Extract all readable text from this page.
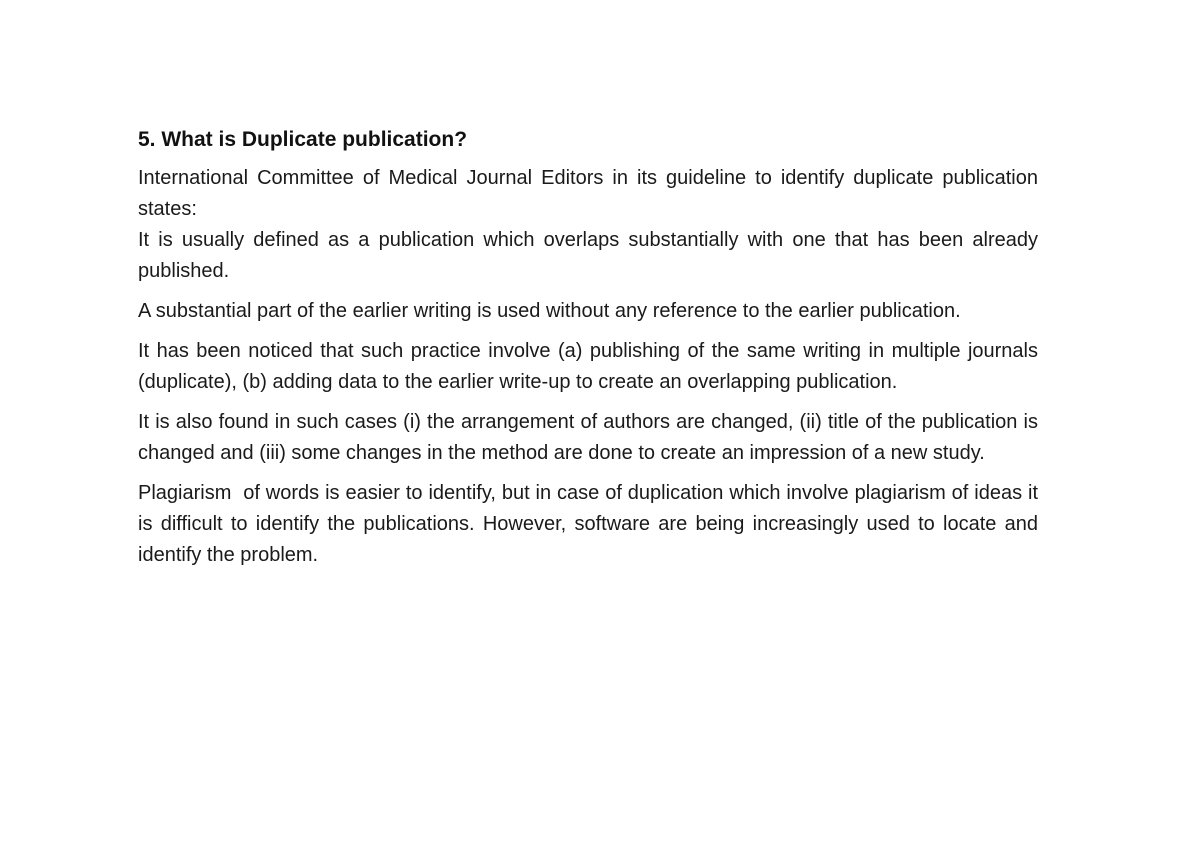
5. What is Duplicate publication?
International Committee of Medical Journal Editors in its guideline to identify duplicate publication states:
It is usually defined as a publication which overlaps substantially with one that has been already published.
A substantial part of the earlier writing is used without any reference to the earlier publication.
It has been noticed that such practice involve (a) publishing of the same writing in multiple journals (duplicate), (b) adding data to the earlier write-up to create an overlapping publication.
It is also found in such cases (i) the arrangement of authors are changed, (ii) title of the publication is changed and (iii) some changes in the method are done to create an impression of a new study.
Plagiarism  of words is easier to identify, but in case of duplication which involve plagiarism of ideas it is difficult to identify the publications. However, software are being increasingly used to locate and identify the problem.
